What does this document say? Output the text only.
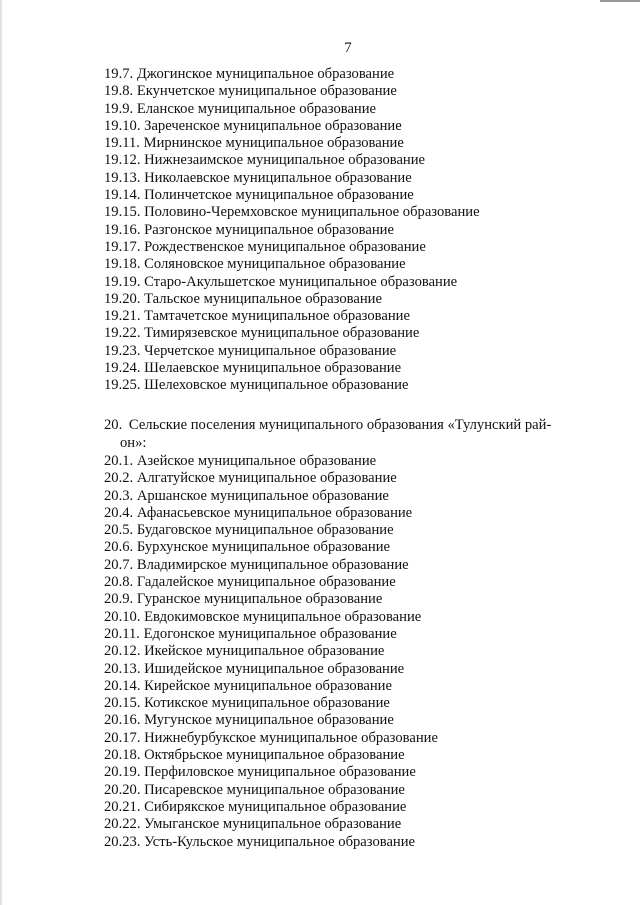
7
19.7. Джогинское муниципальное образование
19.8. Екунчетское муниципальное образование
19.9. Еланское муниципальное образование
19.10. Зареченское муниципальное образование
19.11. Мирнинское муниципальное образование
19.12. Нижнезаимское муниципальное образование
19.13. Николаевское муниципальное образование
19.14. Полинчетское муниципальное образование
19.15. Половино-Черемховское муниципальное образование
19.16. Разгонское муниципальное образование
19.17. Рождественское муниципальное образование
19.18. Соляновское муниципальное образование
19.19. Старо-Акульшетское муниципальное образование
19.20. Тальское муниципальное образование
19.21. Тамтачетское муниципальное образование
19.22. Тимирязевское муниципальное образование
19.23. Черчетское муниципальное образование
19.24. Шелаевское муниципальное образование
19.25. Шелеховское муниципальное образование
20. Сельские поселения муниципального образования «Тулунский рай-
он»:
20.1. Азейское муниципальное образование
20.2. Алгатуйское муниципальное образование
20.3. Аршанское муниципальное образование
20.4. Афанасьевское муниципальное образование
20.5. Будаговское муниципальное образование
20.6. Бурхунское муниципальное образование
20.7. Владимирское муниципальное образование
20.8. Гадалейское муниципальное образование
20.9. Гуранское муниципальное образование
20.10. Евдокимовское муниципальное образование
20.11. Едогонское муниципальное образование
20.12. Икейское муниципальное образование
20.13. Ишидейское муниципальное образование
20.14. Кирейское муниципальное образование
20.15. Котикское муниципальное образование
20.16. Мугунское муниципальное образование
20.17. Нижнебурбукское муниципальное образование
20.18. Октябрьское муниципальное образование
20.19. Перфиловское муниципальное образование
20.20. Писаревское муниципальное образование
20.21. Сибирякское муниципальное образование
20.22. Умыганское муниципальное образование
20.23. Усть-Кульское муниципальное образование
